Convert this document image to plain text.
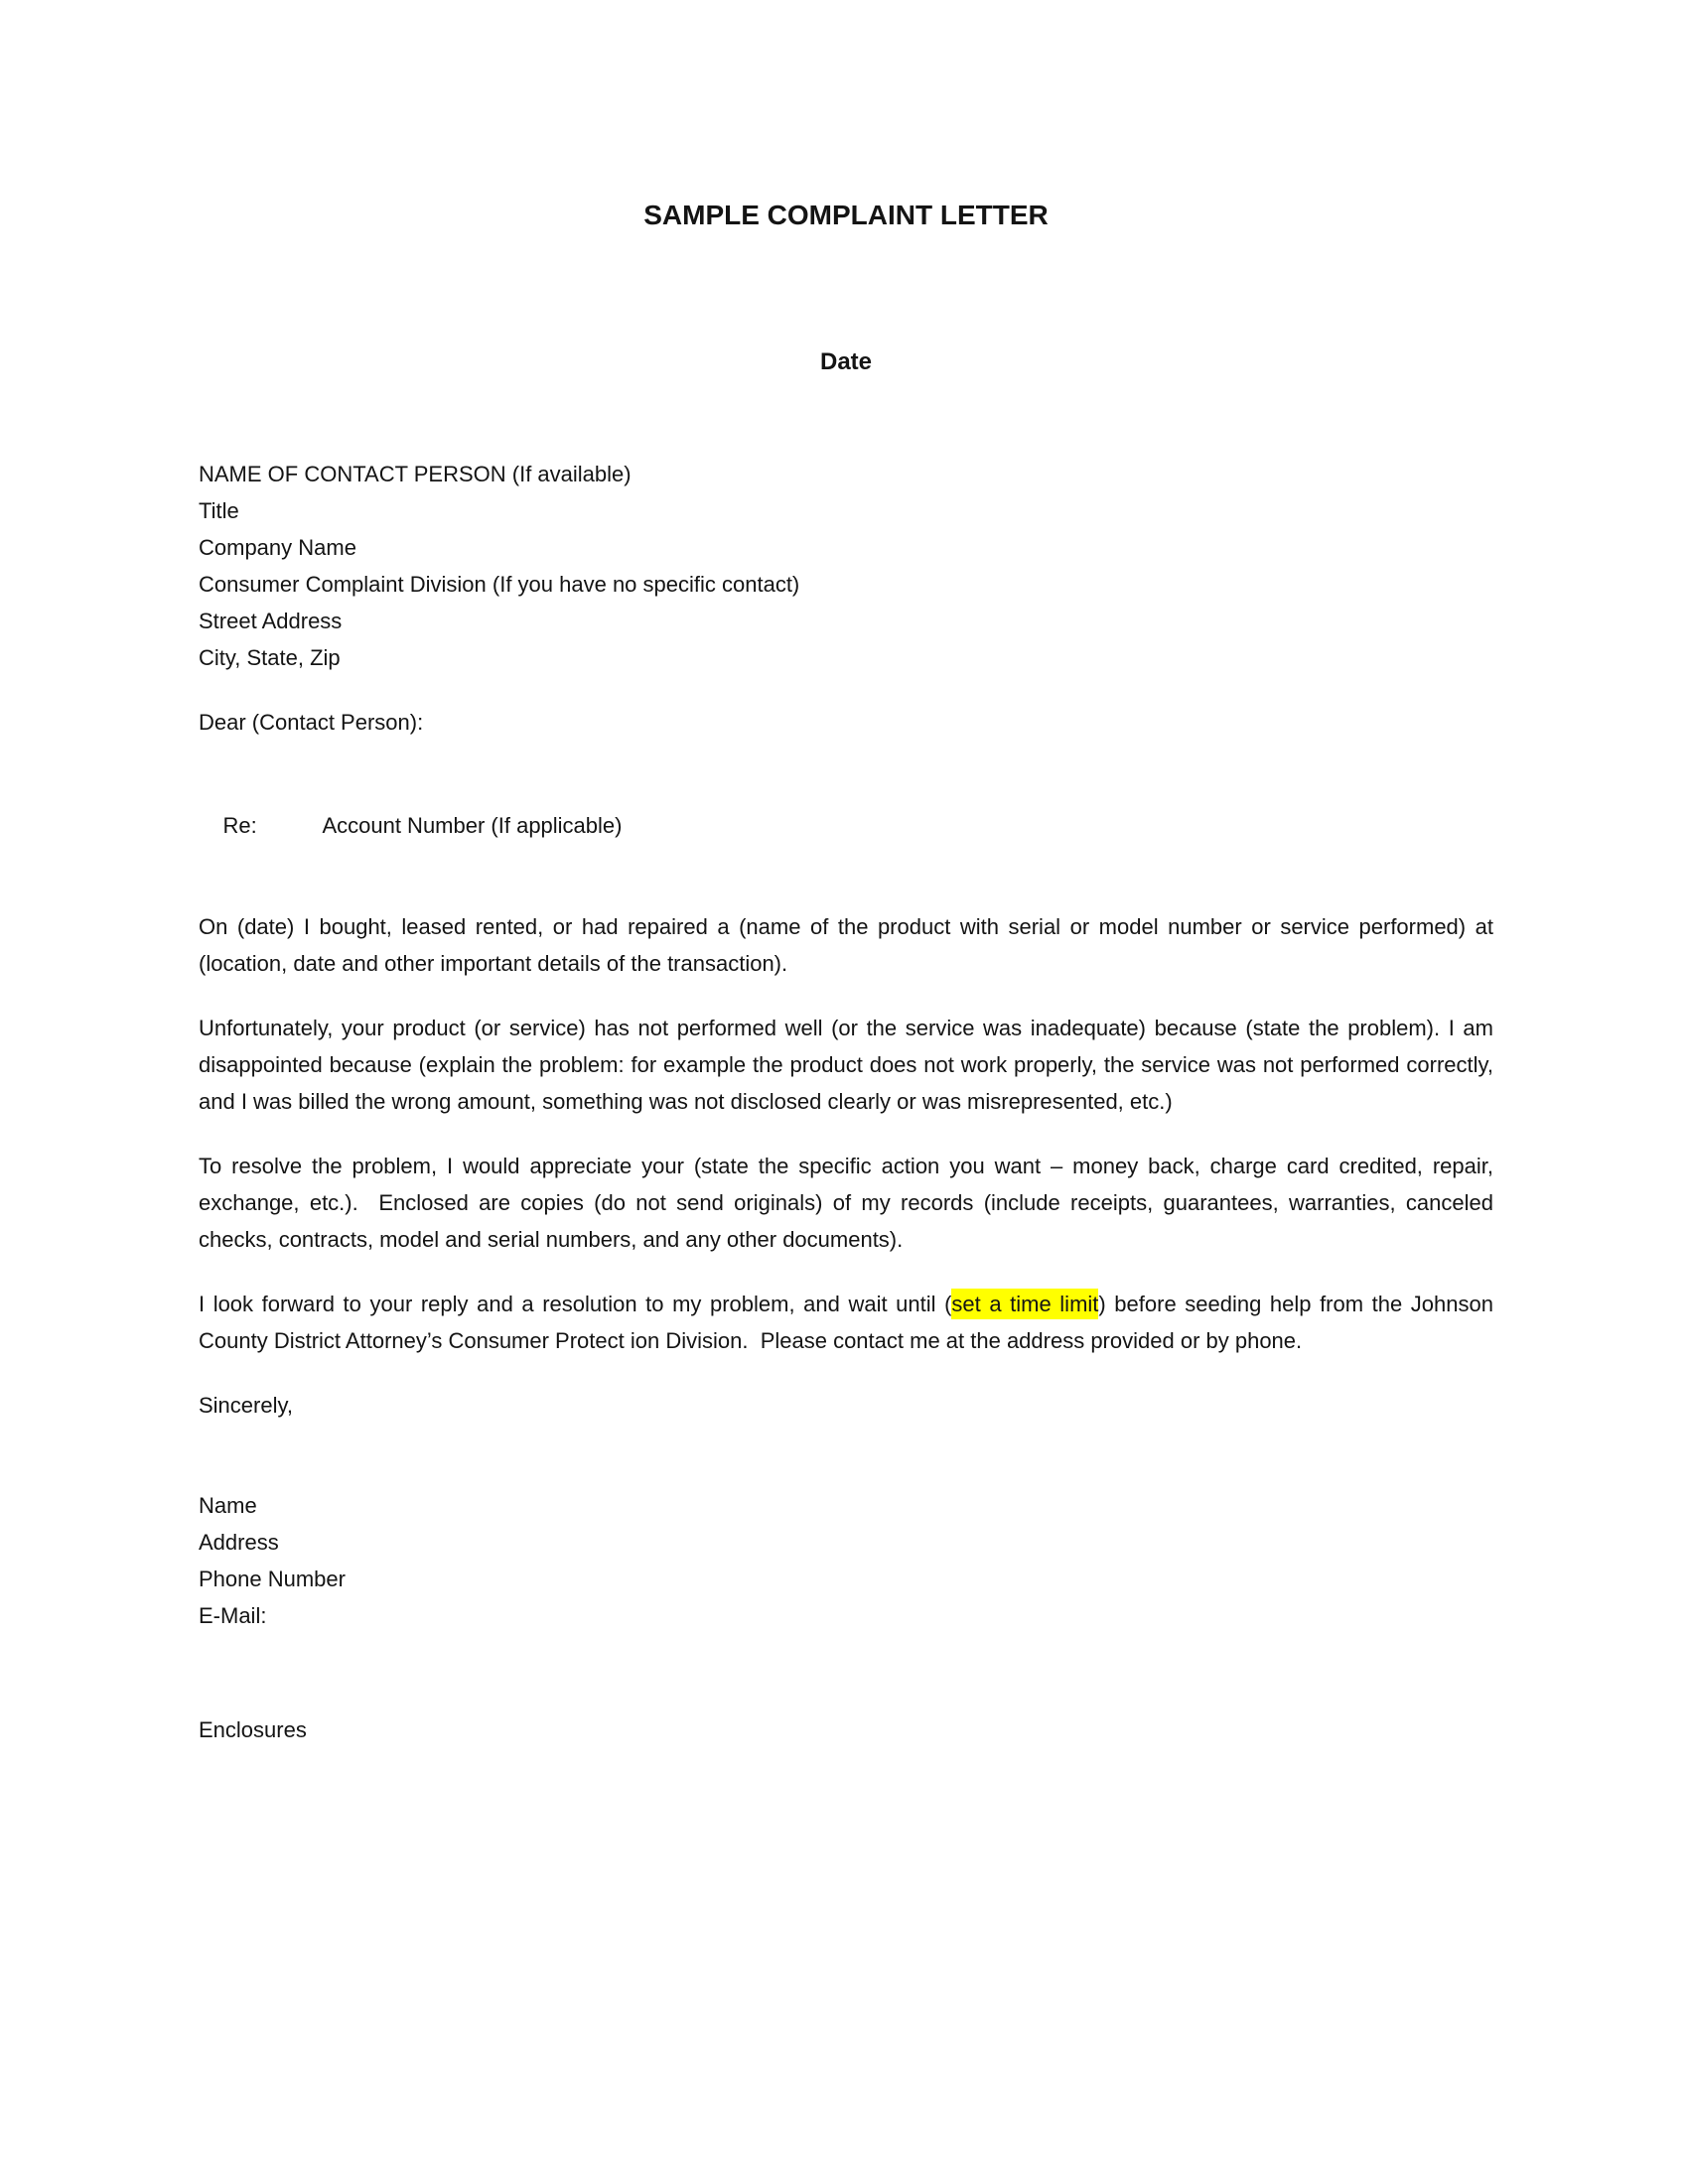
SAMPLE COMPLAINT LETTER
Date
NAME OF CONTACT PERSON (If available)
Title
Company Name
Consumer Complaint Division (If you have no specific contact)
Street Address
City, State, Zip
Dear (Contact Person):

Re:	Account Number (If applicable)

On (date) I bought, leased rented, or had repaired a (name of the product with serial or model number or service performed) at (location, date and other important details of the transaction).
Unfortunately, your product (or service) has not performed well (or the service was inadequate) because (state the problem). I am disappointed because (explain the problem: for example the product does not work properly, the service was not performed correctly, and I was billed the wrong amount, something was not disclosed clearly or was misrepresented, etc.)
To resolve the problem, I would appreciate your (state the specific action you want – money back, charge card credited, repair, exchange, etc.).  Enclosed are copies (do not send originals) of my records (include receipts, guarantees, warranties, canceled checks, contracts, model and serial numbers, and any other documents).
I look forward to your reply and a resolution to my problem, and wait until (set a time limit) before seeding help from the Johnson County District Attorney’s Consumer Protect ion Division.  Please contact me at the address provided or by phone.
Sincerely,
Name
Address
Phone Number
E-Mail:
Enclosures
